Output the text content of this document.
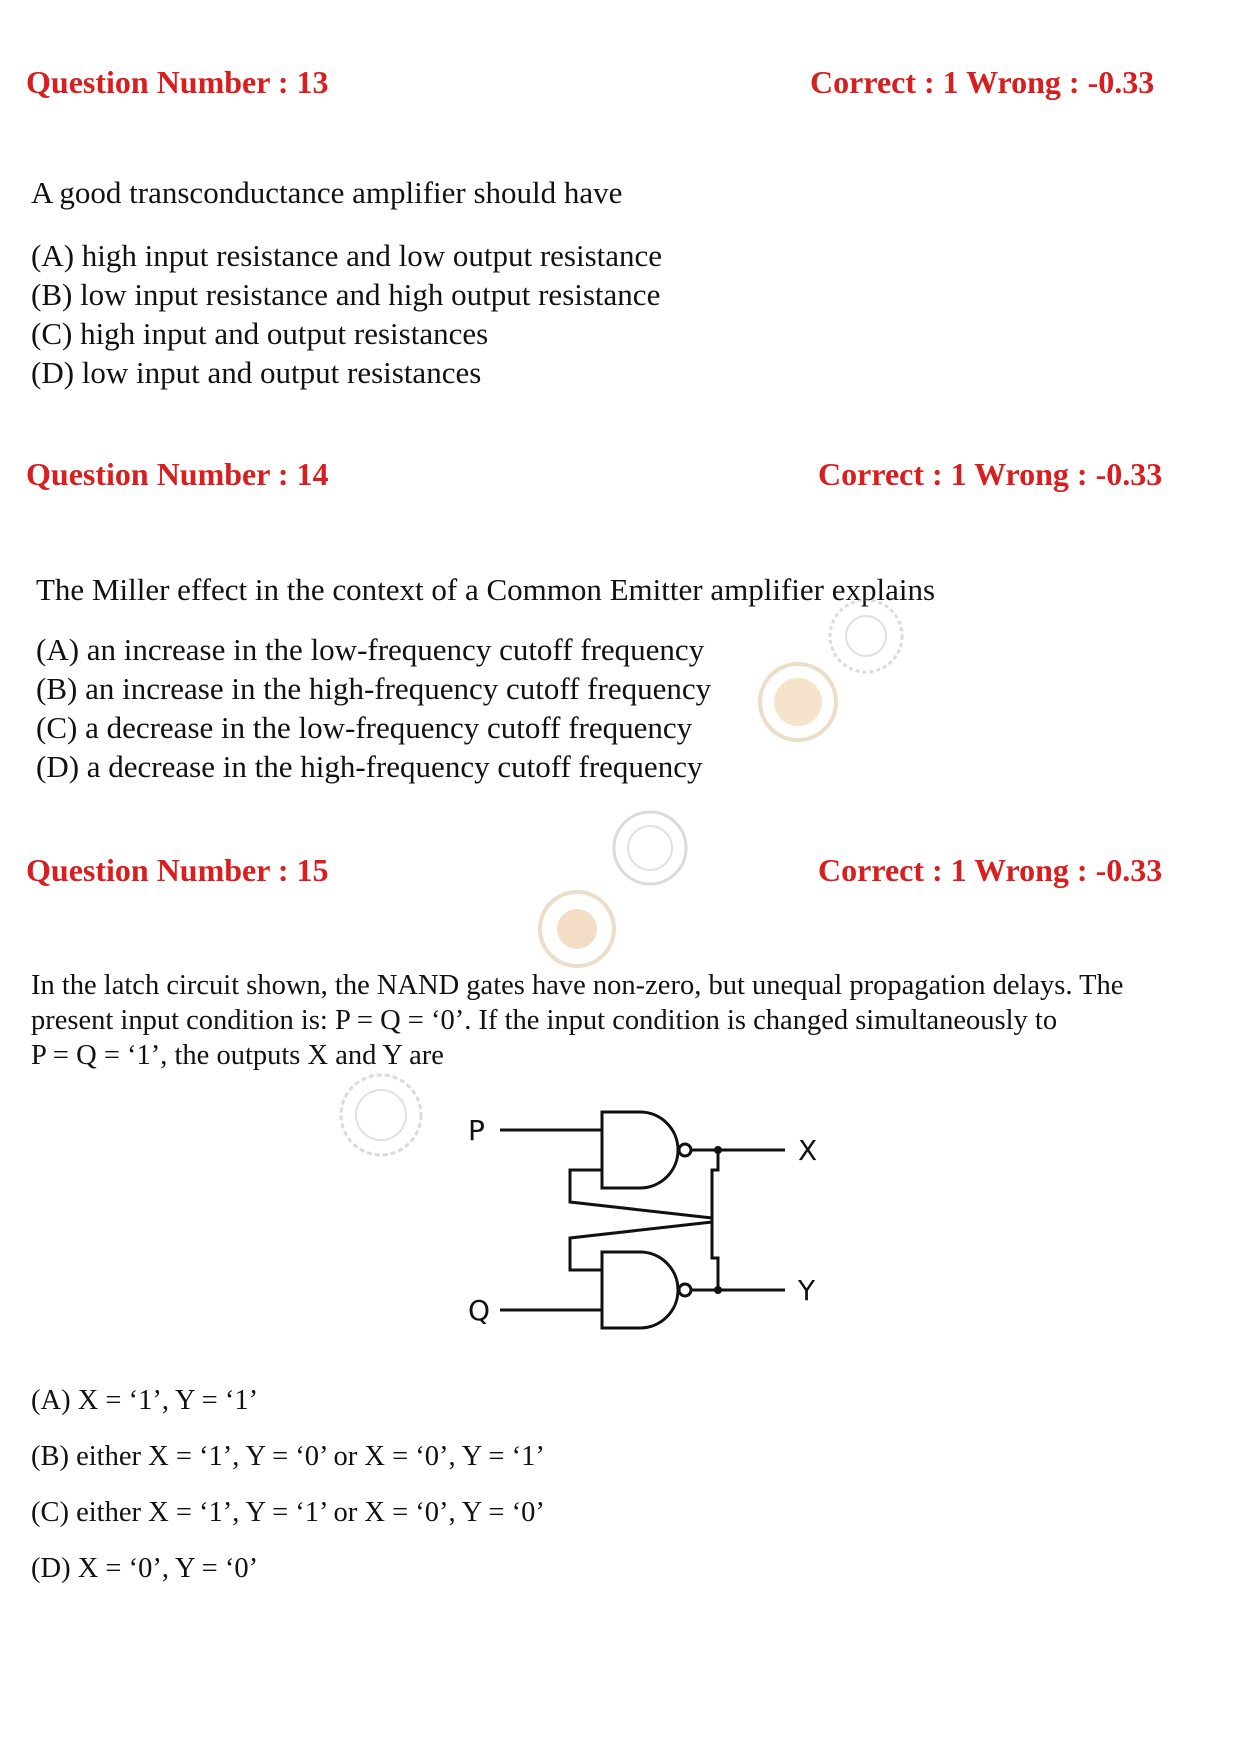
Question Number : 13	Correct : 1 Wrong : -0.33
A good transconductance amplifier should have
(A) high input resistance and low output resistance
(B) low input resistance and high output resistance
(C) high input and output resistances
(D) low input and output resistances
Question Number : 14	Correct : 1 Wrong : -0.33
The Miller effect in the context of a Common Emitter amplifier explains
(A) an increase in the low-frequency cutoff frequency
(B) an increase in the high-frequency cutoff frequency
(C) a decrease in the low-frequency cutoff frequency
(D) a decrease in the high-frequency cutoff frequency
Question Number : 15	Correct : 1 Wrong : -0.33
In the latch circuit shown, the NAND gates have non-zero, but unequal propagation delays. The
present input condition is: P = Q = ‘0’. If the input condition is changed simultaneously to
P = Q = ‘1’, the outputs X and Y are
P
Q
X
Y
(A) X = ‘1’, Y = ‘1’
(B) either X = ‘1’, Y = ‘0’ or X = ‘0’, Y = ‘1’
(C) either X = ‘1’, Y = ‘1’ or X = ‘0’, Y = ‘0’
(D) X = ‘0’, Y = ‘0’
